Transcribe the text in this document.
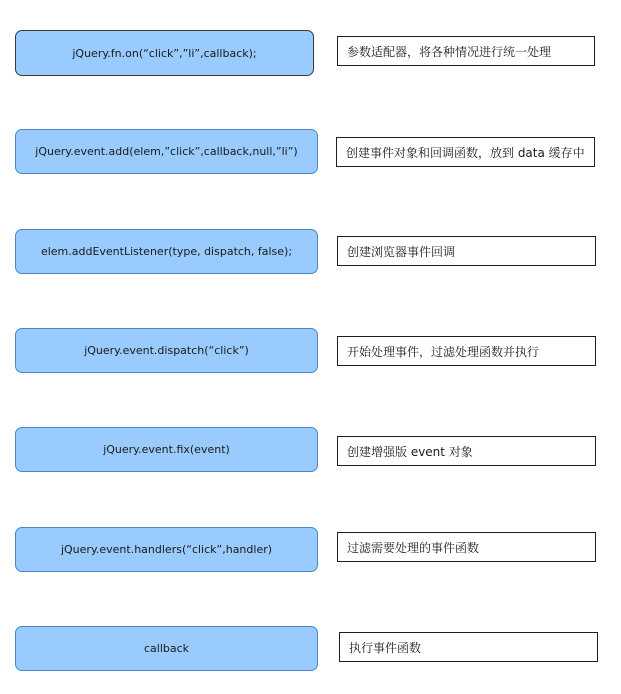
jQuery.fn.on(“click”,”li”,callback);	参数适配器，将各种情况进行统一处理
jQuery.event.add(elem,”click”,callback,null,”li”)	创建事件对象和回调函数，放到 data 缓存中
elem.addEventListener(type, dispatch, false);	创建浏览器事件回调
jQuery.event.dispatch(“click”)	开始处理事件，过滤处理函数并执行
jQuery.event.fix(event)	创建增强版 event 对象
jQuery.event.handlers(“click”,handler)	过滤需要处理的事件函数
callback	执行事件函数
